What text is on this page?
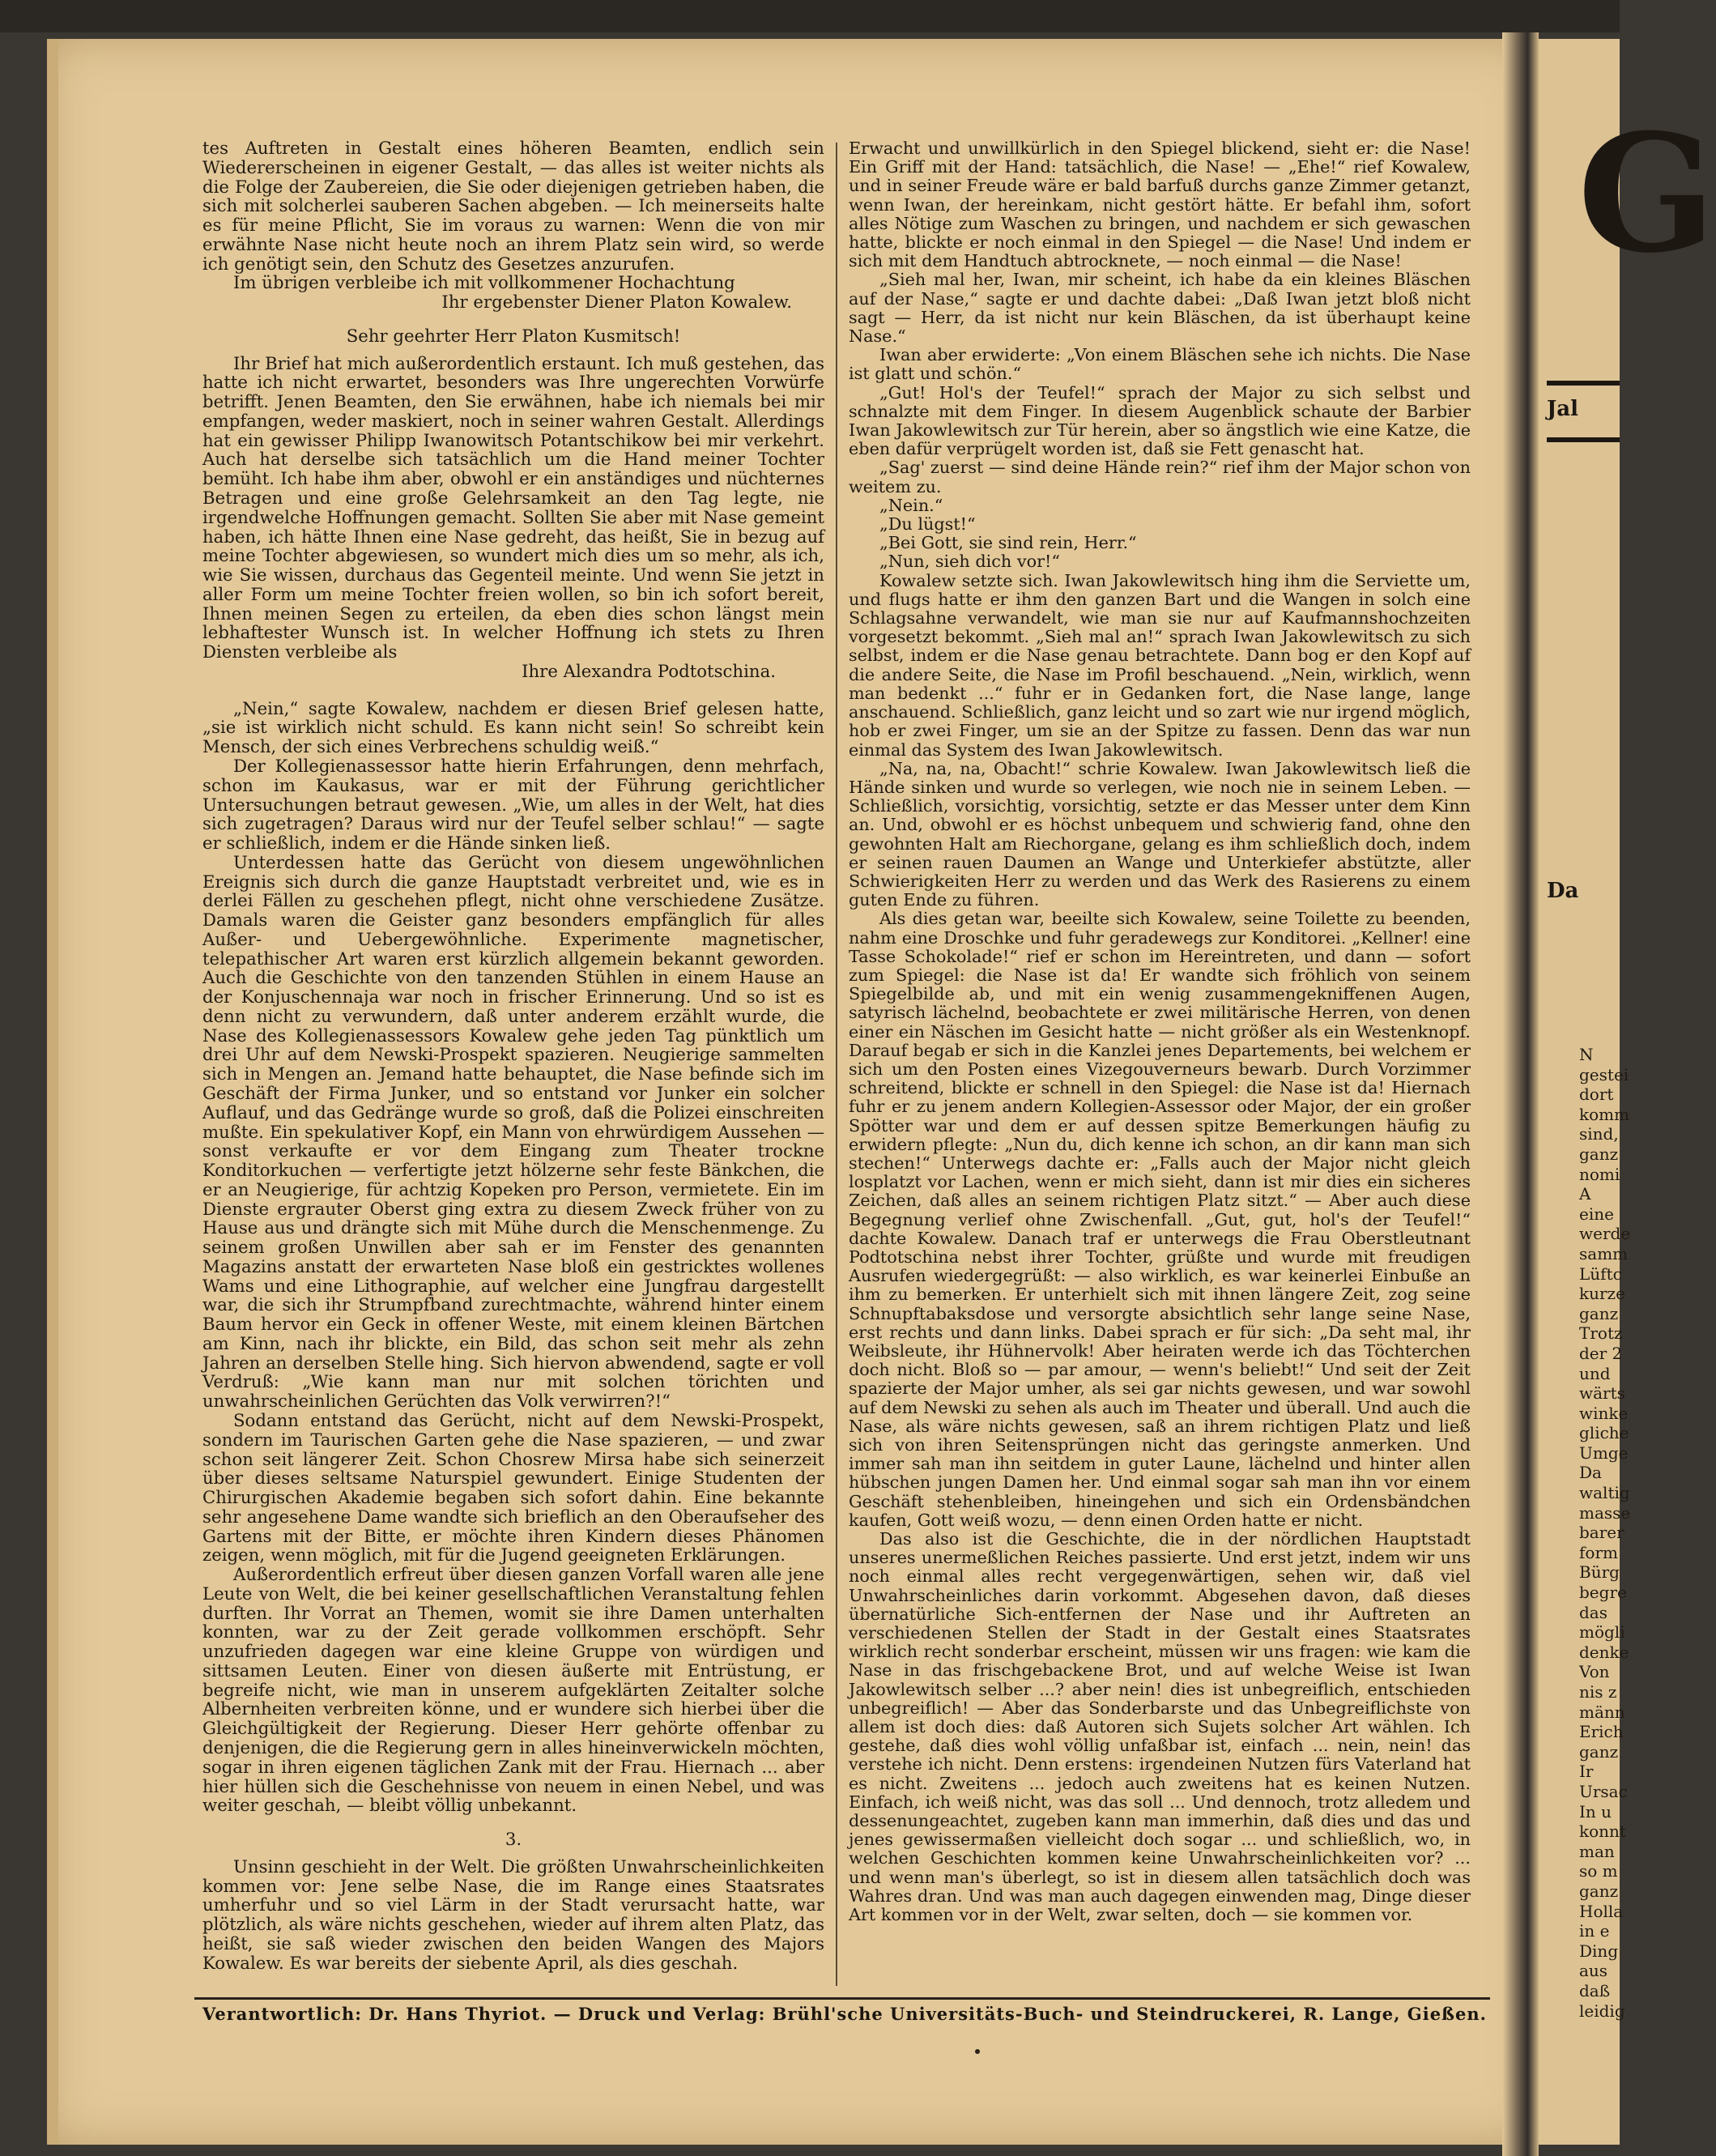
G
Jal
Da
N
gestei
dort
komm
sind,
ganz
nomi
A
eine
werde
samm
Lüftc
kurze
ganz
Trotz
der 2
und
wärts
winke
gliche
Umge
Da
waltig
masse
barer
form
Bürg
begre
das
mögli
denke
Von
nis z
männ
Erich
ganz
Ir
Ursac
In u
konnt
man
so m
ganz
Holla
in e
Ding
aus
daß
leidig

tes Auftreten in Gestalt eines höheren Beamten, endlich sein Wiedererscheinen in eigener Gestalt, — das alles ist weiter nichts als die Folge der Zaubereien, die Sie oder diejenigen getrieben haben, die sich mit solcherlei sauberen Sachen abgeben. — Ich meinerseits halte es für meine Pflicht, Sie im voraus zu warnen: Wenn die von mir erwähnte Nase nicht heute noch an ihrem Platz sein wird, so werde ich genötigt sein, den Schutz des Gesetzes anzurufen.

Im übrigen verbleibe ich mit vollkommener Hochachtung

Ihr ergebenster Diener Platon Kowalew.

Sehr geehrter Herr Platon Kusmitsch!

Ihr Brief hat mich außerordentlich erstaunt. Ich muß gestehen, das hatte ich nicht erwartet, besonders was Ihre ungerechten Vorwürfe betrifft. Jenen Beamten, den Sie erwähnen, habe ich niemals bei mir empfangen, weder maskiert, noch in seiner wahren Gestalt. Allerdings hat ein gewisser Philipp Iwanowitsch Potantschikow bei mir verkehrt. Auch hat derselbe sich tatsächlich um die Hand meiner Tochter bemüht. Ich habe ihm aber, obwohl er ein anständiges und nüchternes Betragen und eine große Gelehrsamkeit an den Tag legte, nie irgendwelche Hoffnungen gemacht. Sollten Sie aber mit Nase gemeint haben, ich hätte Ihnen eine Nase gedreht, das heißt, Sie in bezug auf meine Tochter abgewiesen, so wundert mich dies um so mehr, als ich, wie Sie wissen, durchaus das Gegenteil meinte. Und wenn Sie jetzt in aller Form um meine Tochter freien wollen, so bin ich sofort bereit, Ihnen meinen Segen zu erteilen, da eben dies schon längst mein lebhaftester Wunsch ist. In welcher Hoffnung ich stets zu Ihren Diensten verbleibe als

Ihre Alexandra Podtotschina.

„Nein,“ sagte Kowalew, nachdem er diesen Brief gelesen hatte, „sie ist wirklich nicht schuld. Es kann nicht sein! So schreibt kein Mensch, der sich eines Verbrechens schuldig weiß.“

Der Kollegienassessor hatte hierin Erfahrungen, denn mehrfach, schon im Kaukasus, war er mit der Führung gerichtlicher Untersuchungen betraut gewesen. „Wie, um alles in der Welt, hat dies sich zugetragen? Daraus wird nur der Teufel selber schlau!“ — sagte er schließlich, indem er die Hände sinken ließ.

Unterdessen hatte das Gerücht von diesem ungewöhnlichen Ereignis sich durch die ganze Hauptstadt verbreitet und, wie es in derlei Fällen zu geschehen pflegt, nicht ohne verschiedene Zusätze. Damals waren die Geister ganz besonders empfänglich für alles Außer- und Uebergewöhnliche. Experimente magnetischer, telepathischer Art waren erst kürzlich allgemein bekannt geworden. Auch die Geschichte von den tanzenden Stühlen in einem Hause an der Konjuschennaja war noch in frischer Erinnerung. Und so ist es denn nicht zu verwundern, daß unter anderem erzählt wurde, die Nase des Kollegienassessors Kowalew gehe jeden Tag pünktlich um drei Uhr auf dem Newski-Prospekt spazieren. Neugierige sammelten sich in Mengen an. Jemand hatte behauptet, die Nase befinde sich im Geschäft der Firma Junker, und so entstand vor Junker ein solcher Auflauf, und das Gedränge wurde so groß, daß die Polizei einschreiten mußte. Ein spekulativer Kopf, ein Mann von ehrwürdigem Aussehen — sonst verkaufte er vor dem Eingang zum Theater trockne Konditorkuchen — verfertigte jetzt hölzerne sehr feste Bänkchen, die er an Neugierige, für achtzig Kopeken pro Person, vermietete. Ein im Dienste ergrauter Oberst ging extra zu diesem Zweck früher von zu Hause aus und drängte sich mit Mühe durch die Menschenmenge. Zu seinem großen Unwillen aber sah er im Fenster des genannten Magazins anstatt der erwarteten Nase bloß ein gestricktes wollenes Wams und eine Lithographie, auf welcher eine Jungfrau dargestellt war, die sich ihr Strumpfband zurechtmachte, während hinter einem Baum hervor ein Geck in offener Weste, mit einem kleinen Bärtchen am Kinn, nach ihr blickte, ein Bild, das schon seit mehr als zehn Jahren an derselben Stelle hing. Sich hiervon abwendend, sagte er voll Verdruß: „Wie kann man nur mit solchen törichten und unwahrscheinlichen Gerüchten das Volk verwirren?!“

Sodann entstand das Gerücht, nicht auf dem Newski-Prospekt, sondern im Taurischen Garten gehe die Nase spazieren, — und zwar schon seit längerer Zeit. Schon Chosrew Mirsa habe sich seinerzeit über dieses seltsame Naturspiel gewundert. Einige Studenten der Chirurgischen Akademie begaben sich sofort dahin. Eine bekannte sehr angesehene Dame wandte sich brieflich an den Oberaufseher des Gartens mit der Bitte, er möchte ihren Kindern dieses Phänomen zeigen, wenn möglich, mit für die Jugend geeigneten Erklärungen.

Außerordentlich erfreut über diesen ganzen Vorfall waren alle jene Leute von Welt, die bei keiner gesellschaftlichen Veranstaltung fehlen durften. Ihr Vorrat an Themen, womit sie ihre Damen unterhalten konnten, war zu der Zeit gerade vollkommen erschöpft. Sehr unzufrieden dagegen war eine kleine Gruppe von würdigen und sittsamen Leuten. Einer von diesen äußerte mit Entrüstung, er begreife nicht, wie man in unserem aufgeklärten Zeitalter solche Albernheiten verbreiten könne, und er wundere sich hierbei über die Gleichgültigkeit der Regierung. Dieser Herr gehörte offenbar zu denjenigen, die die Regierung gern in alles hineinverwickeln möchten, sogar in ihren eigenen täglichen Zank mit der Frau. Hiernach ... aber hier hüllen sich die Geschehnisse von neuem in einen Nebel, und was weiter geschah, — bleibt völlig unbekannt.

3.

Unsinn geschieht in der Welt. Die größten Unwahrscheinlichkeiten kommen vor: Jene selbe Nase, die im Range eines Staatsrates umherfuhr und so viel Lärm in der Stadt verursacht hatte, war plötzlich, als wäre nichts geschehen, wieder auf ihrem alten Platz, das heißt, sie saß wieder zwischen den beiden Wangen des Majors Kowalew. Es war bereits der siebente April, als dies geschah.

Erwacht und unwillkürlich in den Spiegel blickend, sieht er: die Nase! Ein Griff mit der Hand: tatsächlich, die Nase! — „Ehe!“ rief Kowalew, und in seiner Freude wäre er bald barfuß durchs ganze Zimmer getanzt, wenn Iwan, der hereinkam, nicht gestört hätte. Er befahl ihm, sofort alles Nötige zum Waschen zu bringen, und nachdem er sich gewaschen hatte, blickte er noch einmal in den Spiegel — die Nase! Und indem er sich mit dem Handtuch abtrocknete, — noch einmal — die Nase!

„Sieh mal her, Iwan, mir scheint, ich habe da ein kleines Bläschen auf der Nase,“ sagte er und dachte dabei: „Daß Iwan jetzt bloß nicht sagt — Herr, da ist nicht nur kein Bläschen, da ist überhaupt keine Nase.“

Iwan aber erwiderte: „Von einem Bläschen sehe ich nichts. Die Nase ist glatt und schön.“

„Gut! Hol's der Teufel!“ sprach der Major zu sich selbst und schnalzte mit dem Finger. In diesem Augenblick schaute der Barbier Iwan Jakowlewitsch zur Tür herein, aber so ängstlich wie eine Katze, die eben dafür verprügelt worden ist, daß sie Fett genascht hat.

„Sag' zuerst — sind deine Hände rein?“ rief ihm der Major schon von weitem zu.

„Nein.“

„Du lügst!“

„Bei Gott, sie sind rein, Herr.“

„Nun, sieh dich vor!“

Kowalew setzte sich. Iwan Jakowlewitsch hing ihm die Serviette um, und flugs hatte er ihm den ganzen Bart und die Wangen in solch eine Schlagsahne verwandelt, wie man sie nur auf Kaufmannshochzeiten vorgesetzt bekommt. „Sieh mal an!“ sprach Iwan Jakowlewitsch zu sich selbst, indem er die Nase genau betrachtete. Dann bog er den Kopf auf die andere Seite, die Nase im Profil beschauend. „Nein, wirklich, wenn man bedenkt ...“ fuhr er in Gedanken fort, die Nase lange, lange anschauend. Schließlich, ganz leicht und so zart wie nur irgend möglich, hob er zwei Finger, um sie an der Spitze zu fassen. Denn das war nun einmal das System des Iwan Jakowlewitsch.

„Na, na, na, Obacht!“ schrie Kowalew. Iwan Jakowlewitsch ließ die Hände sinken und wurde so verlegen, wie noch nie in seinem Leben. — Schließlich, vorsichtig, vorsichtig, setzte er das Messer unter dem Kinn an. Und, obwohl er es höchst unbequem und schwierig fand, ohne den gewohnten Halt am Riechorgane, gelang es ihm schließlich doch, indem er seinen rauen Daumen an Wange und Unterkiefer abstützte, aller Schwierigkeiten Herr zu werden und das Werk des Rasierens zu einem guten Ende zu führen.

Als dies getan war, beeilte sich Kowalew, seine Toilette zu beenden, nahm eine Droschke und fuhr geradewegs zur Konditorei. „Kellner! eine Tasse Schokolade!“ rief er schon im Hereintreten, und dann — sofort zum Spiegel: die Nase ist da! Er wandte sich fröhlich von seinem Spiegelbilde ab, und mit ein wenig zusammengekniffenen Augen, satyrisch lächelnd, beobachtete er zwei militärische Herren, von denen einer ein Näschen im Gesicht hatte — nicht größer als ein Westenknopf. Darauf begab er sich in die Kanzlei jenes Departements, bei welchem er sich um den Posten eines Vizegouverneurs bewarb. Durch Vorzimmer schreitend, blickte er schnell in den Spiegel: die Nase ist da! Hiernach fuhr er zu jenem andern Kollegien-Assessor oder Major, der ein großer Spötter war und dem er auf dessen spitze Bemerkungen häufig zu erwidern pflegte: „Nun du, dich kenne ich schon, an dir kann man sich stechen!“ Unterwegs dachte er: „Falls auch der Major nicht gleich losplatzt vor Lachen, wenn er mich sieht, dann ist mir dies ein sicheres Zeichen, daß alles an seinem richtigen Platz sitzt.“ — Aber auch diese Begegnung verlief ohne Zwischenfall. „Gut, gut, hol's der Teufel!“ dachte Kowalew. Danach traf er unterwegs die Frau Oberstleutnant Podtotschina nebst ihrer Tochter, grüßte und wurde mit freudigen Ausrufen wiedergegrüßt: — also wirklich, es war keinerlei Einbuße an ihm zu bemerken. Er unterhielt sich mit ihnen längere Zeit, zog seine Schnupftabaksdose und versorgte absichtlich sehr lange seine Nase, erst rechts und dann links. Dabei sprach er für sich: „Da seht mal, ihr Weibsleute, ihr Hühnervolk! Aber heiraten werde ich das Töchterchen doch nicht. Bloß so — par amour, — wenn's beliebt!“ Und seit der Zeit spazierte der Major umher, als sei gar nichts gewesen, und war sowohl auf dem Newski zu sehen als auch im Theater und überall. Und auch die Nase, als wäre nichts gewesen, saß an ihrem richtigen Platz und ließ sich von ihren Seitensprüngen nicht das geringste anmerken. Und immer sah man ihn seitdem in guter Laune, lächelnd und hinter allen hübschen jungen Damen her. Und einmal sogar sah man ihn vor einem Geschäft stehenbleiben, hineingehen und sich ein Ordensbändchen kaufen, Gott weiß wozu, — denn einen Orden hatte er nicht.

Das also ist die Geschichte, die in der nördlichen Hauptstadt unseres unermeßlichen Reiches passierte. Und erst jetzt, indem wir uns noch einmal alles recht vergegenwärtigen, sehen wir, daß viel Unwahrscheinliches darin vorkommt. Abgesehen davon, daß dieses übernatürliche Sich-entfernen der Nase und ihr Auftreten an verschiedenen Stellen der Stadt in der Gestalt eines Staatsrates wirklich recht sonderbar erscheint, müssen wir uns fragen: wie kam die Nase in das frischgebackene Brot, und auf welche Weise ist Iwan Jakowlewitsch selber ...? aber nein! dies ist unbegreiflich, entschieden unbegreiflich! — Aber das Sonderbarste und das Unbegreiflichste von allem ist doch dies: daß Autoren sich Sujets solcher Art wählen. Ich gestehe, daß dies wohl völlig unfaßbar ist, einfach ... nein, nein! das verstehe ich nicht. Denn erstens: irgendeinen Nutzen fürs Vaterland hat es nicht. Zweitens ... jedoch auch zweitens hat es keinen Nutzen. Einfach, ich weiß nicht, was das soll ... Und dennoch, trotz alledem und dessenungeachtet, zugeben kann man immerhin, daß dies und das und jenes gewissermaßen vielleicht doch sogar ... und schließlich, wo, in welchen Geschichten kommen keine Unwahrscheinlichkeiten vor? ... und wenn man's überlegt, so ist in diesem allen tatsächlich doch was Wahres dran. Und was man auch dagegen einwenden mag, Dinge dieser Art kommen vor in der Welt, zwar selten, doch — sie kommen vor.

Verantwortlich: Dr. Hans Thyriot. — Druck und Verlag: Brühl'sche Universitäts-Buch- und Steindruckerei, R. Lange, Gießen.
